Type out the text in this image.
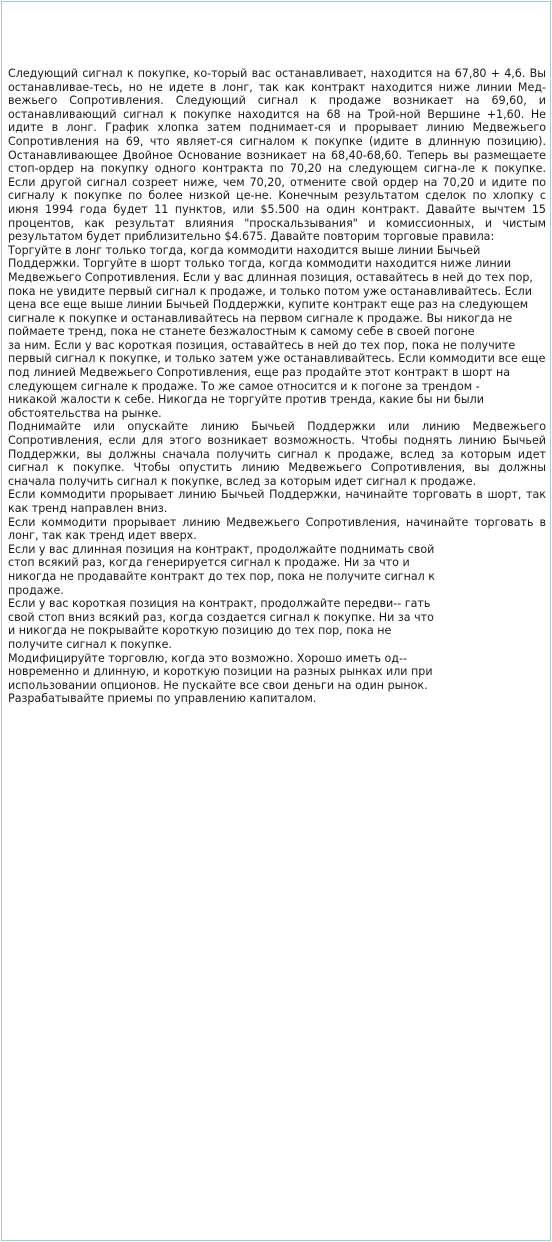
Следующий сигнал к покупке, ко-торый вас останавливает, находится на 67,80 + 4,6. Вы останавливае-тесь, но не идете в лонг, так как контракт находится ниже линии Мед-вежьего Сопротивления. Следующий сигнал к продаже возникает на 69,60, и останавливающий сигнал к покупке находится на 68 на Трой-ной Вершине +1,60. Не идите в лонг. График хлопка затем поднимает-ся и прорывает линию Медвежьего Сопротивления на 69, что являет-ся сигналом к покупке (идите в длинную позицию). Останавливающее Двойное Основание возникает на 68,40-68,60. Теперь вы размещаете стоп-ордер на покупку одного контракта по 70,20 на следующем сигна-ле к покупке. Если другой сигнал созреет ниже, чем 70,20, отмените свой ордер на 70,20 и идите по сигналу к покупке по более низкой це-не. Конечным результатом сделок по хлопку с июня 1994 года будет 11 пунктов, или $5.500 на один контракт. Давайте вычтем 15 процентов, как результат влияния "проскальзывания" и комиссионных, и чистым результатом будет приблизительно $4.675. Давайте повторим торговые правила:

Торгуйте в лонг только тогда, когда коммодити находится выше линии Бычьей Поддержки. Торгуйте в шорт только тогда, когда коммодити находится ниже линии Медвежьего Сопротивления. Если у вас длинная позиция, оставайтесь в ней до тех пор, пока не увидите первый сигнал к продаже, и только потом уже останавливайтесь. Если цена все еще выше линии Бычьей Поддержки, купите контракт еще раз на следующем сигнале к покупке и останавливайтесь на первом сигнале к продаже. Вы никогда не поймаете тренд, пока не станете безжалостным к самому себе в своей погоне

за ним. Если у вас короткая позиция, оставайтесь в ней до тех пор, пока не получите первый сигнал к покупке, и только затем уже останавливайтесь. Если коммодити все еще под линией Медвежьего Сопротивления, еще раз продайте этот контракт в шорт на следующем сигнале к продаже. То же самое относится и к погоне за трендом -

никакой жалости к себе. Никогда не торгуйте против тренда, какие бы ни были обстоятельства на рынке.

Поднимайте или опускайте линию Бычьей Поддержки или линию Медвежьего Сопротивления, если для этого возникает возможность. Чтобы поднять линию Бычьей Поддержки, вы должны сначала получить сигнал к продаже, вслед за которым идет сигнал к покупке. Чтобы опустить линию Медвежьего Сопротивления, вы должны сначала получить сигнал к покупке, вслед за которым идет сигнал к продаже.

Если коммодити прорывает линию Бычьей Поддержки, начинайте торговать в шорт, так как тренд направлен вниз.

Если коммодити прорывает линию Медвежьего Сопротивления, начинайте торговать в лонг, так как тренд идет вверх.

Если у вас длинная позиция на контракт, продолжайте поднимать свой стоп всякий раз, когда генерируется сигнал к продаже. Ни за что и никогда не продавайте контракт до тех пор, пока не получите сигнал к продаже.

Если у вас короткая позиция на контракт, продолжайте передви-- гать свой стоп вниз всякий раз, когда создается сигнал к покупке. Ни за что и никогда не покрывайте короткую позицию до тех пор, пока не получите сигнал к покупке.

Модифицируйте торговлю, когда это возможно. Хорошо иметь од-- новременно и длинную, и короткую позиции на разных рынках или при использовании опционов. Не пускайте все свои деньги на один рынок. Разрабатывайте приемы по управлению капиталом.
